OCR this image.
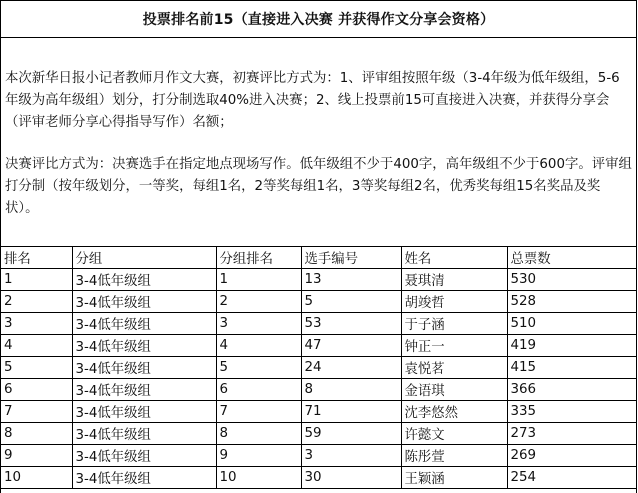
投票排名前15（直接进入决赛 并获得作文分享会资格）

本次新华日报小记者教师月作文大赛，初赛评比方式为：1、评审组按照年级（3-4年级为低年级组，5-6年级为高年级组）划分，打分制选取40%进入决赛；2、线上投票前15可直接进入决赛，并获得分享会（评审老师分享心得指导写作）名额；

决赛评比方式为：决赛选手在指定地点现场写作。低年级组不少于400字，高年级组不少于600字。评审组打分制（按年级划分，一等奖，每组1名，2等奖每组1名，3等奖每组2名，优秀奖每组15名奖品及奖状）。

排名	分组	分组排名	选手编号	姓名	总票数
1	3-4低年级组	1	13	聂琪清	530
2	3-4低年级组	2	5	胡竣哲	528
3	3-4低年级组	3	53	于子涵	510
4	3-4低年级组	4	47	钟正一	419
5	3-4低年级组	5	24	袁悦茗	415
6	3-4低年级组	6	8	金语琪	366
7	3-4低年级组	7	71	沈李悠然	335
8	3-4低年级组	8	59	许懿文	273
9	3-4低年级组	9	3	陈彤萱	269
10	3-4低年级组	10	30	王颖涵	254
